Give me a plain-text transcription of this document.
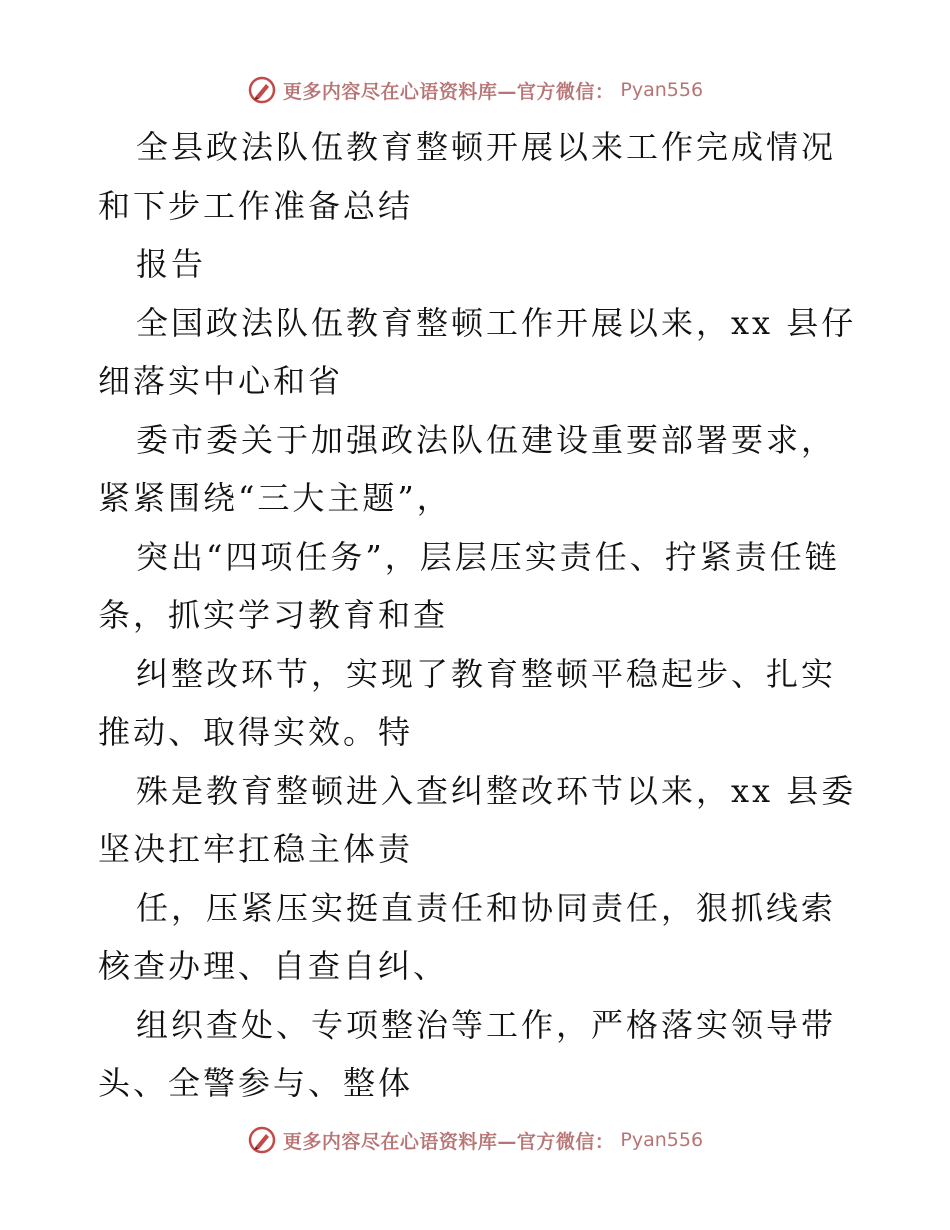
更多内容尽在心语资料库—官方微信： Pyan556

全县政法队伍教育整顿开展以来工作完成情况和下步工作准备总结

报告

全国政法队伍教育整顿工作开展以来，xx 县仔细落实中心和省

委市委关于加强政法队伍建设重要部署要求，紧紧围绕“三大主题”，

突出“四项任务”，层层压实责任、拧紧责任链条，抓实学习教育和查

纠整改环节，实现了教育整顿平稳起步、扎实推动、取得实效。特

殊是教育整顿进入查纠整改环节以来，xx 县委坚决扛牢扛稳主体责

任，压紧压实挺直责任和协同责任，狠抓线索核查办理、自查自纠、

组织查处、专项整治等工作，严格落实领导带头、全警参与、整体

更多内容尽在心语资料库—官方微信： Pyan556
